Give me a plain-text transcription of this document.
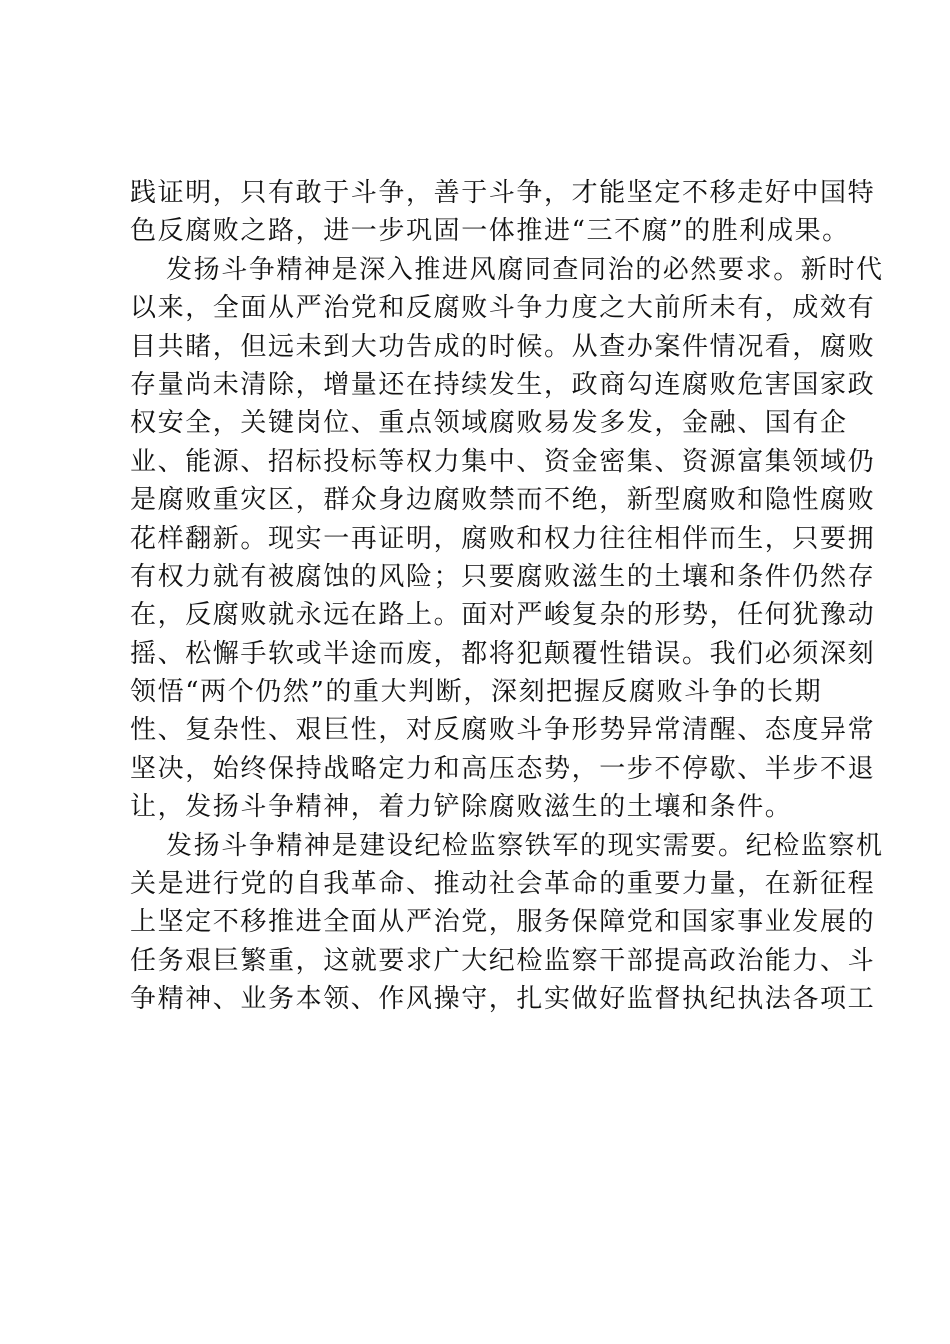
践证明，只有敢于斗争，善于斗争，才能坚定不移走好中国特
色反腐败之路，进一步巩固一体推进“三不腐”的胜利成果。
发扬斗争精神是深入推进风腐同查同治的必然要求。新时代
以来，全面从严治党和反腐败斗争力度之大前所未有，成效有
目共睹，但远未到大功告成的时候。从查办案件情况看，腐败
存量尚未清除，增量还在持续发生，政商勾连腐败危害国家政
权安全，关键岗位、重点领域腐败易发多发，金融、国有企
业、能源、招标投标等权力集中、资金密集、资源富集领域仍
是腐败重灾区，群众身边腐败禁而不绝，新型腐败和隐性腐败
花样翻新。现实一再证明，腐败和权力往往相伴而生，只要拥
有权力就有被腐蚀的风险；只要腐败滋生的土壤和条件仍然存
在，反腐败就永远在路上。面对严峻复杂的形势，任何犹豫动
摇、松懈手软或半途而废，都将犯颠覆性错误。我们必须深刻
领悟“两个仍然”的重大判断，深刻把握反腐败斗争的长期
性、复杂性、艰巨性，对反腐败斗争形势异常清醒、态度异常
坚决，始终保持战略定力和高压态势，一步不停歇、半步不退
让，发扬斗争精神，着力铲除腐败滋生的土壤和条件。
发扬斗争精神是建设纪检监察铁军的现实需要。纪检监察机
关是进行党的自我革命、推动社会革命的重要力量，在新征程
上坚定不移推进全面从严治党，服务保障党和国家事业发展的
任务艰巨繁重，这就要求广大纪检监察干部提高政治能力、斗
争精神、业务本领、作风操守，扎实做好监督执纪执法各项工
